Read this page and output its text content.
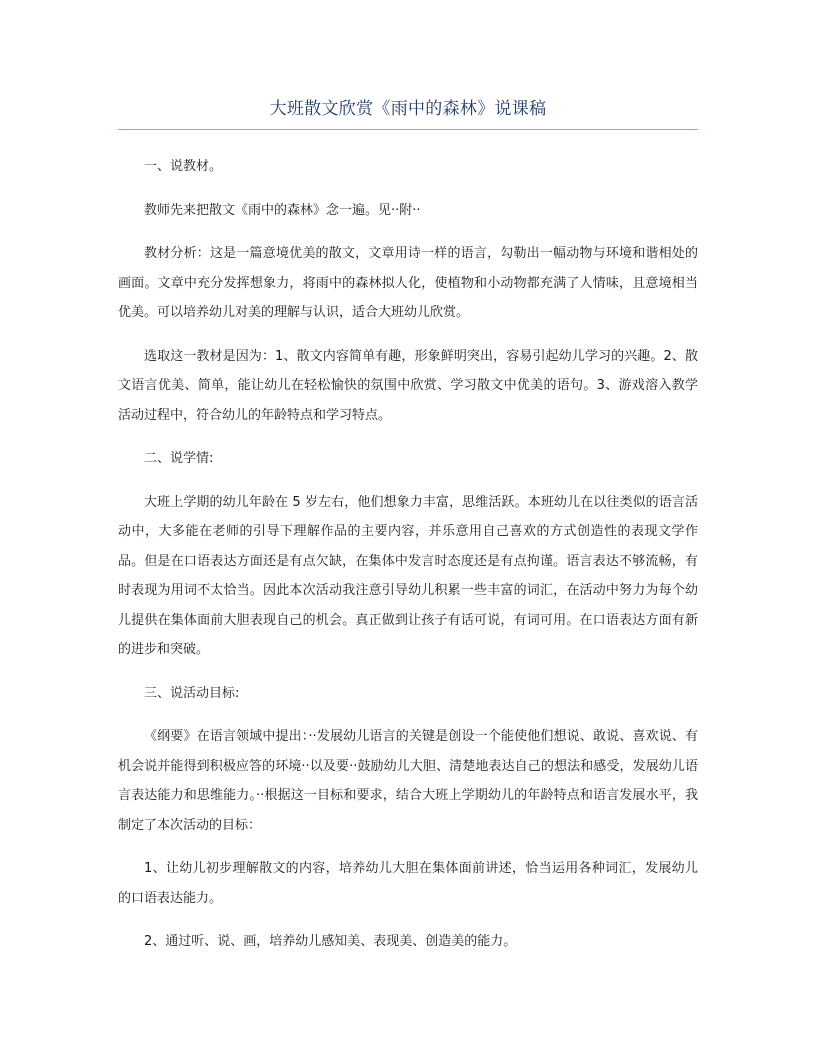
大班散文欣赏《雨中的森林》说课稿

一、说教材。

教师先来把散文《雨中的森林》念一遍。见··附··

教材分析：这是一篇意境优美的散文，文章用诗一样的语言，勾勒出一幅动物与环境和谐相处的画面。文章中充分发挥想象力，将雨中的森林拟人化，使植物和小动物都充满了人情味，且意境相当优美。可以培养幼儿对美的理解与认识，适合大班幼儿欣赏。

选取这一教材是因为：1、散文内容简单有趣，形象鲜明突出，容易引起幼儿学习的兴趣。2、散文语言优美、简单，能让幼儿在轻松愉快的氛围中欣赏、学习散文中优美的语句。3、游戏溶入教学活动过程中，符合幼儿的年龄特点和学习特点。

二、说学情:

大班上学期的幼儿年龄在 5 岁左右，他们想象力丰富，思维活跃。本班幼儿在以往类似的语言活动中，大多能在老师的引导下理解作品的主要内容，并乐意用自己喜欢的方式创造性的表现文学作品。但是在口语表达方面还是有点欠缺，在集体中发言时态度还是有点拘谨。语言表达不够流畅，有时表现为用词不太恰当。因此本次活动我注意引导幼儿积累一些丰富的词汇，在活动中努力为每个幼儿提供在集体面前大胆表现自己的机会。真正做到让孩子有话可说，有词可用。在口语表达方面有新的进步和突破。

三、说活动目标:

《纲要》在语言领域中提出：··发展幼儿语言的关键是创设一个能使他们想说、敢说、喜欢说、有机会说并能得到积极应答的环境··以及要··鼓励幼儿大胆、清楚地表达自己的想法和感受，发展幼儿语言表达能力和思维能力。··根据这一目标和要求，结合大班上学期幼儿的年龄特点和语言发展水平，我制定了本次活动的目标：

1、让幼儿初步理解散文的内容，培养幼儿大胆在集体面前讲述，恰当运用各种词汇，发展幼儿的口语表达能力。

2、通过听、说、画，培养幼儿感知美、表现美、创造美的能力。
